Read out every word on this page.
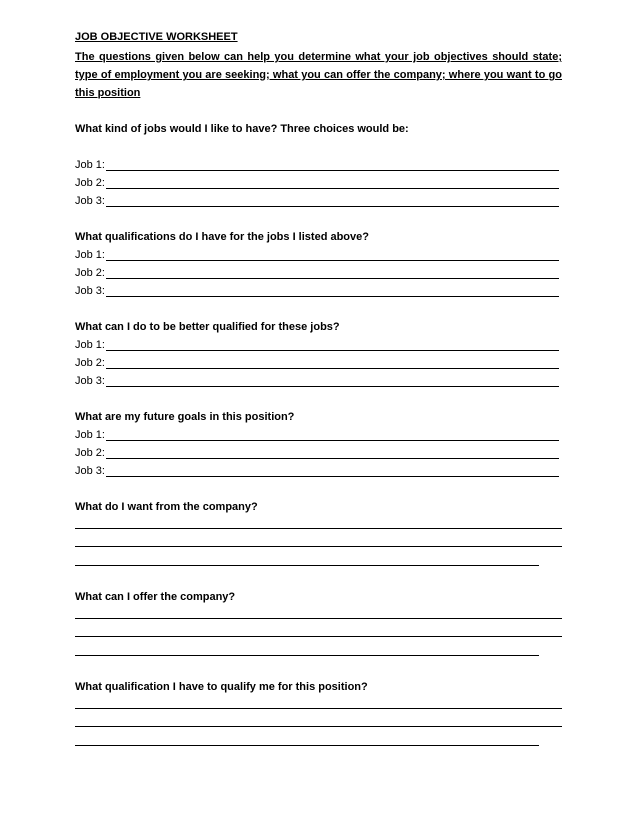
JOB OBJECTIVE WORKSHEET
The questions given below can help you determine what your job objectives should state;
type of employment you are seeking; what you can offer the company; where you want to go
this position
What kind of jobs would I like to have? Three choices would be:
Job 1:
Job 2:
Job 3:
What qualifications do I have for the jobs I listed above?
Job 1:
Job 2:
Job 3:
What can I do to be better qualified for these jobs?
Job 1:
Job 2:
Job 3:
What are my future goals in this position?
Job 1:
Job 2:
Job 3:
What do I want from the company?
What can I offer the company?
What qualification I have to qualify me for this position?
